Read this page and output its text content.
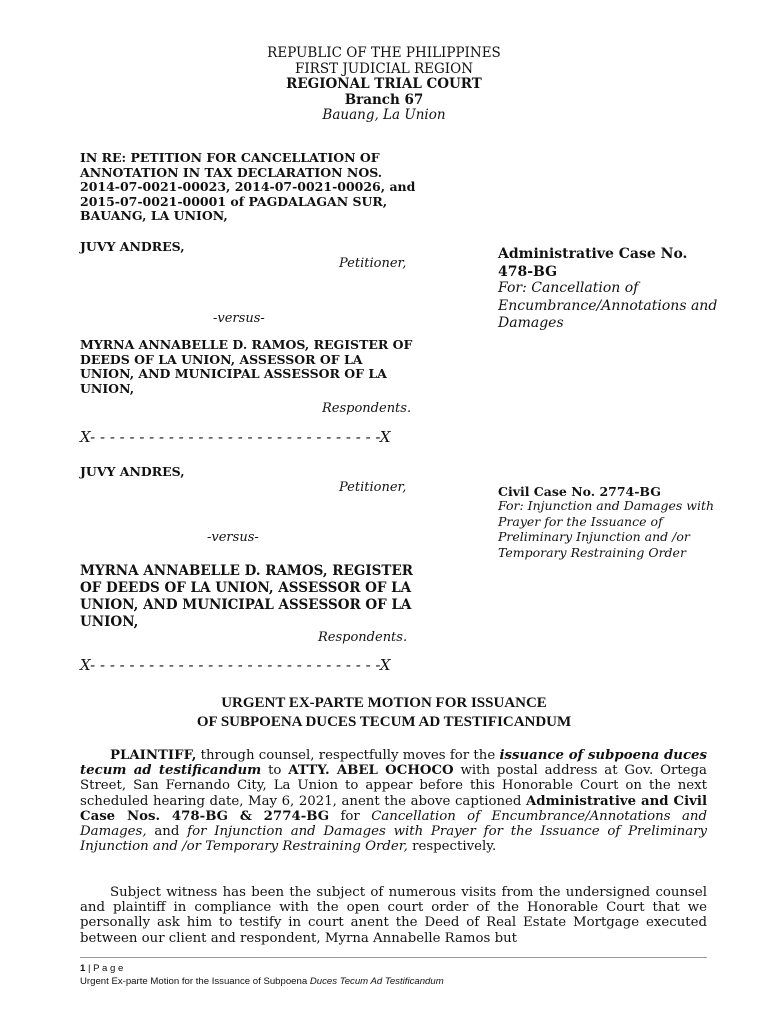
REPUBLIC OF THE PHILIPPINES
FIRST JUDICIAL REGION
REGIONAL TRIAL COURT
Branch 67
Bauang, La Union
IN RE: PETITION FOR CANCELLATION OF ANNOTATION IN TAX DECLARATION NOS. 2014-07-0021-00023, 2014-07-0021-00026, and 2015-07-0021-00001 of PAGDALAGAN SUR, BAUANG, LA UNION,
JUVY ANDRES,
Petitioner,
-versus-
MYRNA ANNABELLE D. RAMOS, REGISTER OF DEEDS OF LA UNION, ASSESSOR OF LA UNION, AND MUNICIPAL ASSESSOR OF LA UNION,
Respondents.
Administrative Case No. 478-BG
For: Cancellation of Encumbrance/Annotations and Damages
X- - - - - - - - - - - - - - - - - - - - - - - - - - - - - -X
JUVY ANDRES,
Petitioner,
-versus-
MYRNA ANNABELLE D. RAMOS, REGISTER OF DEEDS OF LA UNION, ASSESSOR OF LA UNION, AND MUNICIPAL ASSESSOR OF LA UNION,
Respondents.
Civil Case No. 2774-BG
For: Injunction and Damages with Prayer for the Issuance of Preliminary Injunction and /or Temporary Restraining Order
X- - - - - - - - - - - - - - - - - - - - - - - - - - - - - -X
URGENT EX-PARTE MOTION FOR ISSUANCE
OF SUBPOENA DUCES TECUM AD TESTIFICANDUM
PLAINTIFF, through counsel, respectfully moves for the issuance of subpoena duces tecum ad testificandum to ATTY. ABEL OCHOCO with postal address at Gov. Ortega Street, San Fernando City, La Union to appear before this Honorable Court on the next scheduled hearing date, May 6, 2021, anent the above captioned Administrative and Civil Case Nos. 478-BG & 2774-BG for Cancellation of Encumbrance/Annotations and Damages, and for Injunction and Damages with Prayer for the Issuance of Preliminary Injunction and /or Temporary Restraining Order, respectively.
Subject witness has been the subject of numerous visits from the undersigned counsel and plaintiff in compliance with the open court order of the Honorable Court that we personally ask him to testify in court anent the Deed of Real Estate Mortgage executed between our client and respondent, Myrna Annabelle Ramos but
1 | P a g e
Urgent Ex-parte Motion for the Issuance of Subpoena Duces Tecum Ad Testificandum
